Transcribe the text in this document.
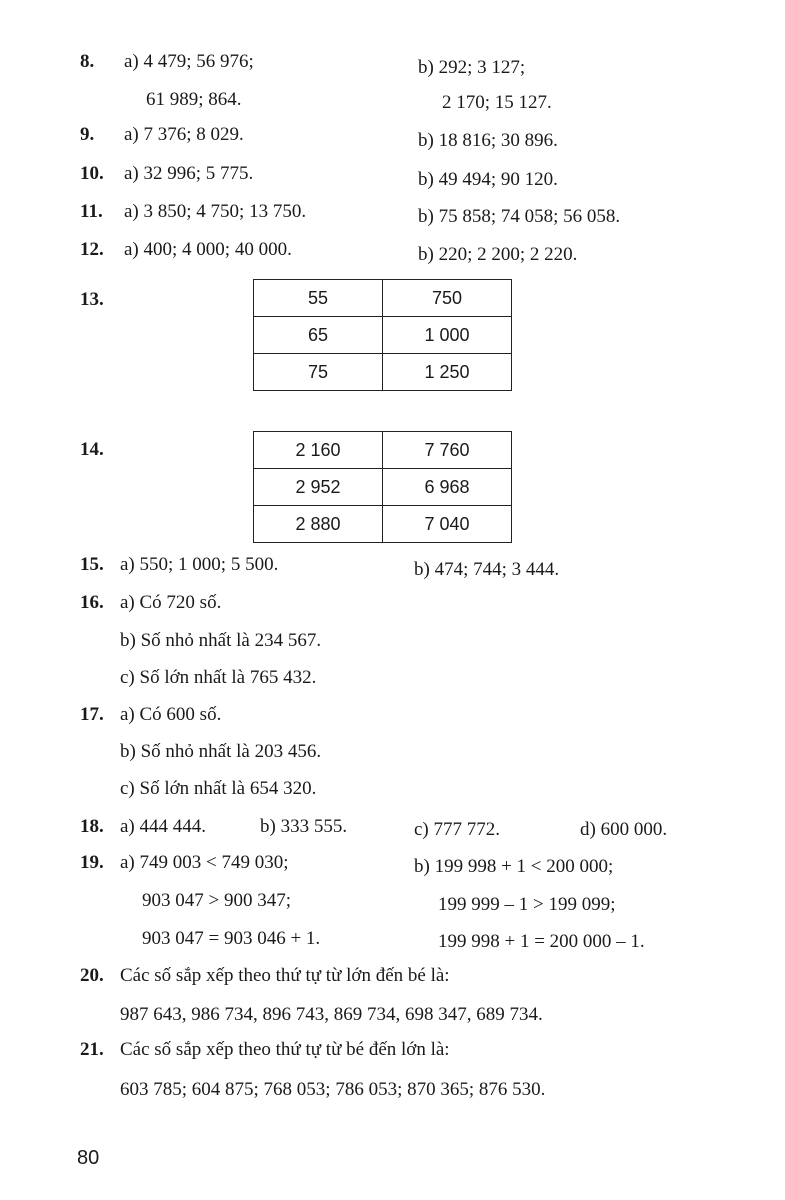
8. a) 4 479; 56 976;
61 989; 864.
b) 292; 3 127;
2 170; 15 127.
9. a) 7 376; 8 029.	b) 18 816; 30 896.
10. a) 32 996; 5 775.	b) 49 494; 90 120.
11. a) 3 850; 4 750; 13 750.	b) 75 858; 74 058; 56 058.
12. a) 400; 4 000; 40 000.	b) 220; 2 200; 2 220.
13.	55	750
65	1 000
75	1 250
14.	2 160	7 760
2 952	6 968
2 880	7 040
15. a) 550; 1 000; 5 500.	b) 474; 744; 3 444.
16. a) Có 720 số.
b) Số nhỏ nhất là 234 567.
c) Số lớn nhất là 765 432.
17. a) Có 600 số.
b) Số nhỏ nhất là 203 456.
c) Số lớn nhất là 654 320.
18. a) 444 444.	b) 333 555.	c) 777 772.	d) 600 000.
19. a) 749 003 < 749 030;
903 047 > 900 347;
903 047 = 903 046 + 1.
b) 199 998 + 1 < 200 000;
199 999 – 1 > 199 099;
199 998 + 1 = 200 000 – 1.
20. Các số sắp xếp theo thứ tự từ lớn đến bé là:
987 643, 986 734, 896 743, 869 734, 698 347, 689 734.
21. Các số sắp xếp theo thứ tự từ bé đến lớn là:
603 785; 604 875; 768 053; 786 053; 870 365; 876 530.
80
